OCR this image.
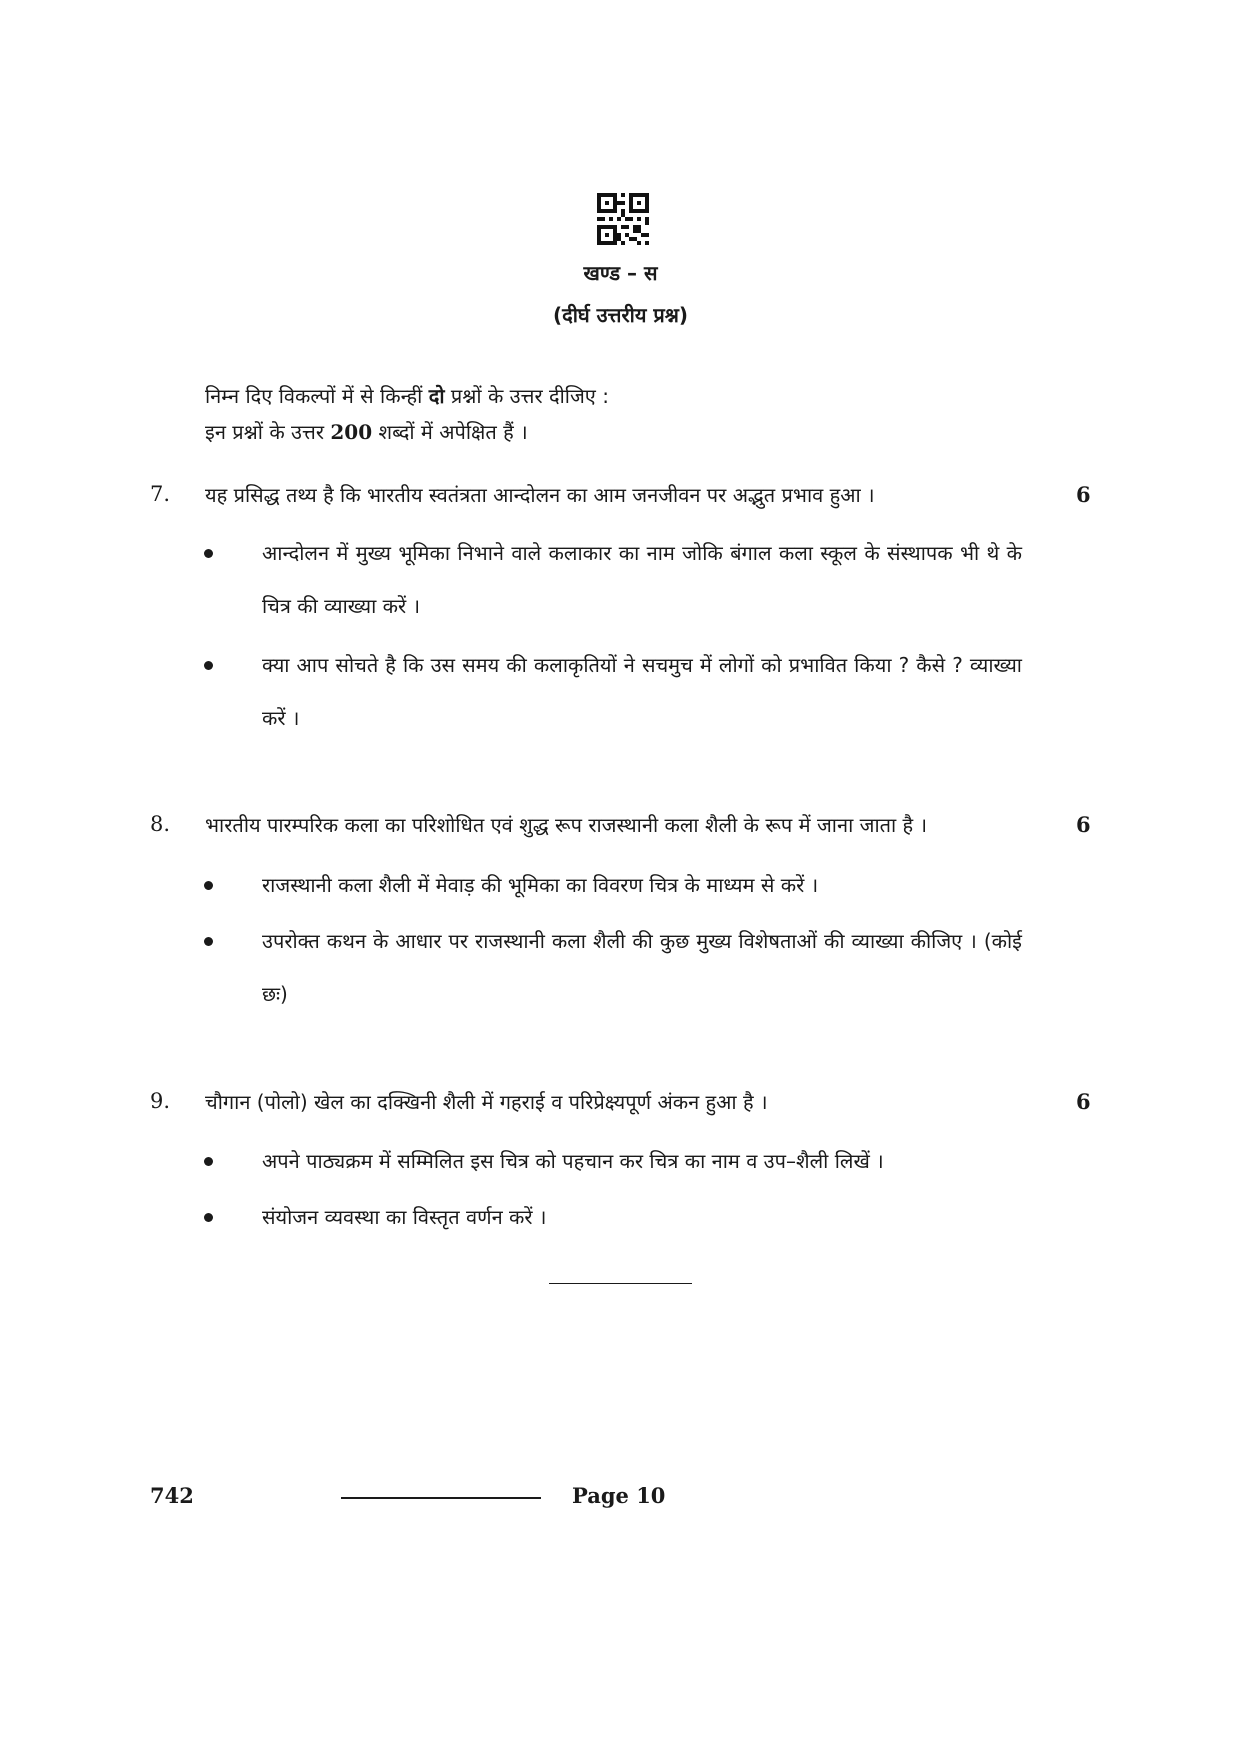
खण्ड – स
(दीर्घ उत्तरीय प्रश्न)
निम्न दिए विकल्पों में से किन्हीं दो प्रश्नों के उत्तर दीजिए :
इन प्रश्नों के उत्तर 200 शब्दों में अपेक्षित हैं ।
7. यह प्रसिद्ध तथ्य है कि भारतीय स्वतंत्रता आन्दोलन का आम जनजीवन पर अद्भुत प्रभाव हुआ ।	6
आन्दोलन में मुख्य भूमिका निभाने वाले कलाकार का नाम जोकि बंगाल कला स्कूल के संस्थापक भी थे के चित्र की व्याख्या करें ।
क्या आप सोचते है कि उस समय की कलाकृतियों ने सचमुच में लोगों को प्रभावित किया ? कैसे ? व्याख्या करें ।
8. भारतीय पारम्परिक कला का परिशोधित एवं शुद्ध रूप राजस्थानी कला शैली के रूप में जाना जाता है ।	6
राजस्थानी कला शैली में मेवाड़ की भूमिका का विवरण चित्र के माध्यम से करें ।
उपरोक्त कथन के आधार पर राजस्थानी कला शैली की कुछ मुख्य विशेषताओं की व्याख्या कीजिए । (कोई छः)
9. चौगान (पोलो) खेल का दक्खिनी शैली में गहराई व परिप्रेक्ष्यपूर्ण अंकन हुआ है ।	6
अपने पाठ्यक्रम में सम्मिलित इस चित्र को पहचान कर चित्र का नाम व उप–शैली लिखें ।
संयोजन व्यवस्था का विस्तृत वर्णन करें ।
742	Page 10
